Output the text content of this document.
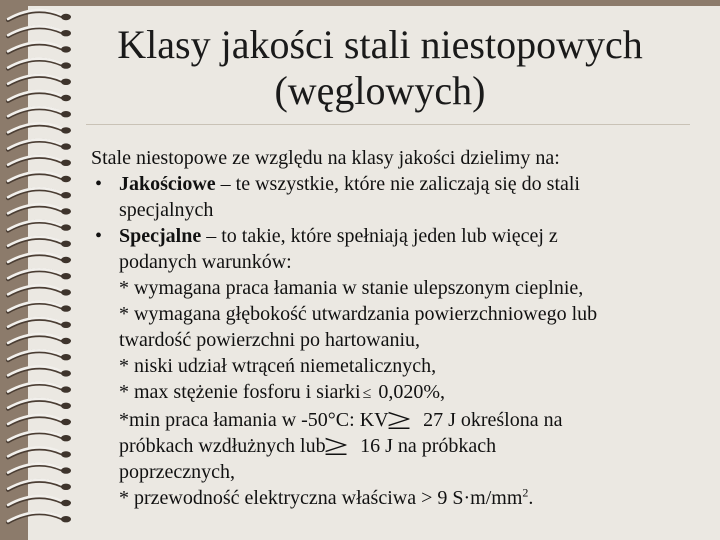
Klasy jakości stali niestopowych
(węglowych)

Stale niestopowe ze względu na klasy jakości dzielimy na:

• Jakościowe – te wszystkie, które nie zaliczają się do stali
specjalnych
• Specjalne – to takie, które spełniają jeden lub więcej z
podanych warunków:
* wymagana praca łamania w stanie ulepszonym cieplnie,
* wymagana głębokość utwardzania powierzchniowego lub
twardość powierzchni po hartowaniu,
* niski udział wtrąceń niemetalicznych,
* max stężenie fosforu i siarki ≤ 0,020%,
*min praca łamania w -50°C: KV≥ 27 J określona na
próbkach wzdłużnych lub≥ 16 J na próbkach
poprzecznych,
* przewodność elektryczna właściwa > 9 $S\cdot m/mm^2$.
